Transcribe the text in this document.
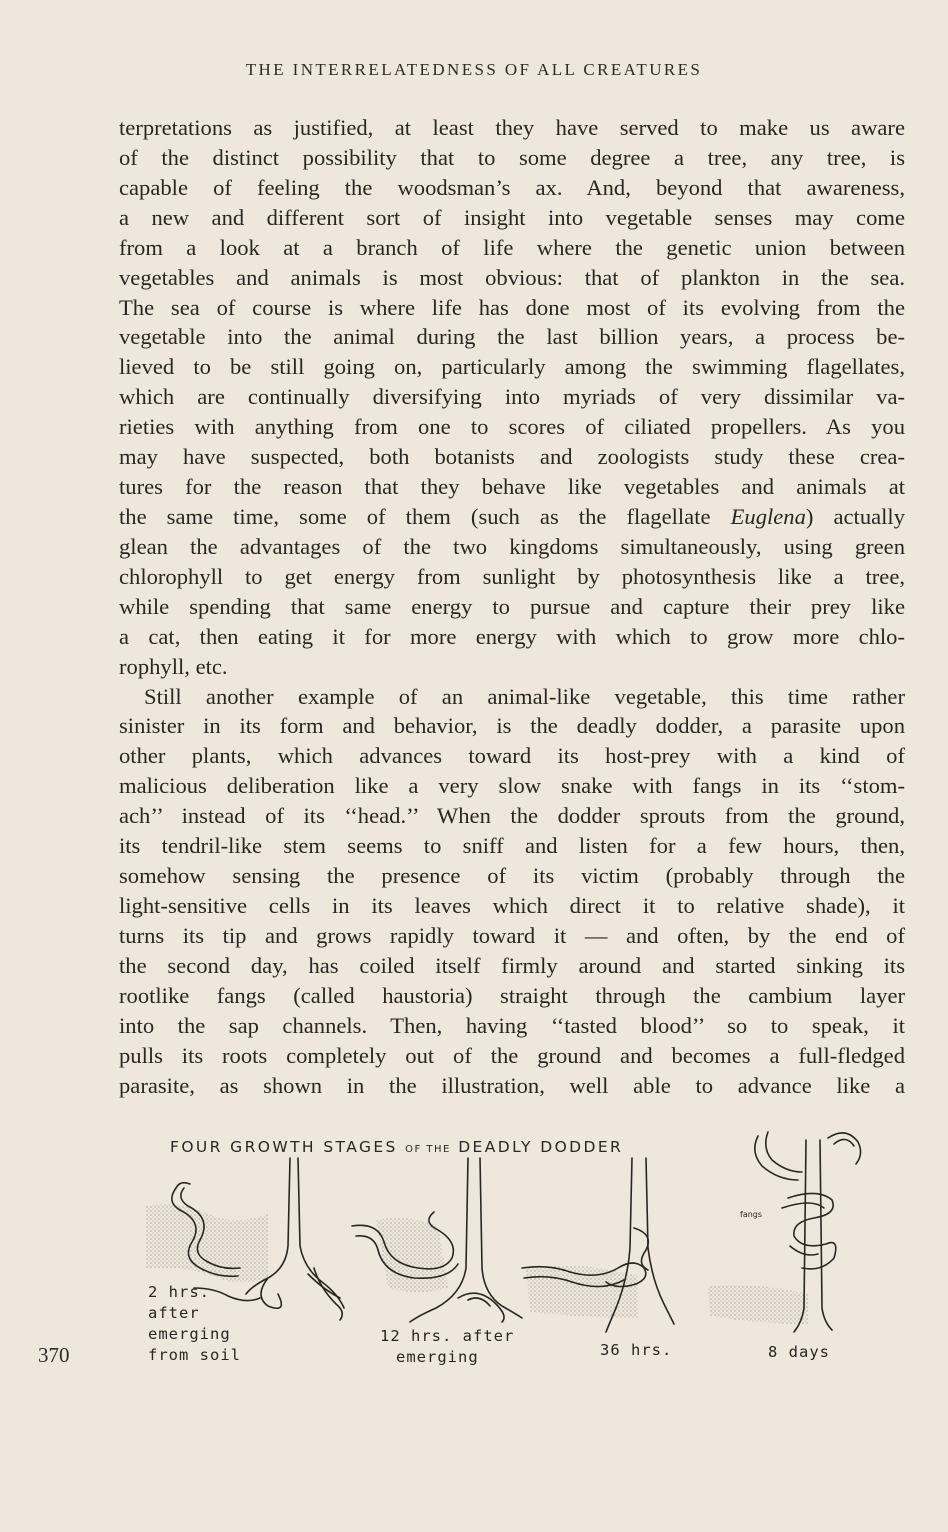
THE INTERRELATEDNESS OF ALL CREATURES
terpretations as justified, at least they have served to make us aware
of the distinct possibility that to some degree a tree, any tree, is
capable of feeling the woodsman’s ax. And, beyond that awareness,
a new and different sort of insight into vegetable senses may come
from a look at a branch of life where the genetic union between
vegetables and animals is most obvious: that of plankton in the sea.
The sea of course is where life has done most of its evolving from the
vegetable into the animal during the last billion years, a process be-
lieved to be still going on, particularly among the swimming flagellates,
which are continually diversifying into myriads of very dissimilar va-
rieties with anything from one to scores of ciliated propellers. As you
may have suspected, both botanists and zoologists study these crea-
tures for the reason that they behave like vegetables and animals at
the same time, some of them (such as the flagellate Euglena) actually
glean the advantages of the two kingdoms simultaneously, using green
chlorophyll to get energy from sunlight by photosynthesis like a tree,
while spending that same energy to pursue and capture their prey like
a cat, then eating it for more energy with which to grow more chlo-
rophyll, etc.
Still another example of an animal-like vegetable, this time rather
sinister in its form and behavior, is the deadly dodder, a parasite upon
other plants, which advances toward its host-prey with a kind of
malicious deliberation like a very slow snake with fangs in its ‘‘stom-
ach’’ instead of its ‘‘head.’’ When the dodder sprouts from the ground,
its tendril-like stem seems to sniff and listen for a few hours, then,
somehow sensing the presence of its victim (probably through the
light-sensitive cells in its leaves which direct it to relative shade), it
turns its tip and grows rapidly toward it — and often, by the end of
the second day, has coiled itself firmly around and started sinking its
rootlike fangs (called haustoria) straight through the cambium layer
into the sap channels. Then, having ‘‘tasted blood’’ so to speak, it
pulls its roots completely out of the ground and becomes a full-fledged
parasite, as shown in the illustration, well able to advance like a
FOUR GROWTH STAGES OF THE DEADLY DODDER
fangs
2 hrs.
after
emerging
from soil
12 hrs. after
emerging	36 hrs.	8 days
370
